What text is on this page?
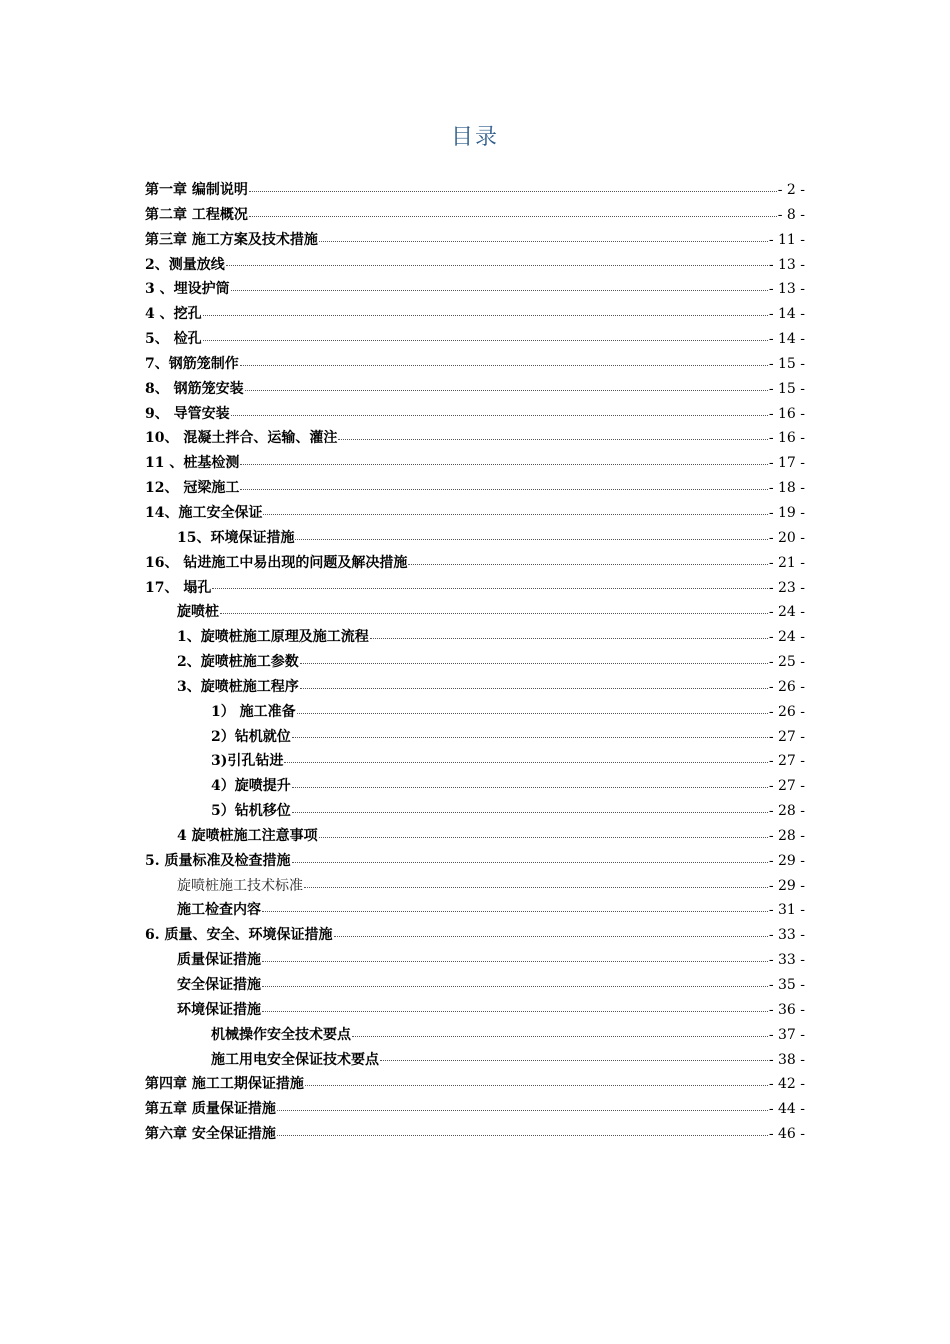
目录
第一章 编制说明	- 2 -
第二章 工程概况	- 8 -
第三章 施工方案及技术措施	- 11 -
2、测量放线	- 13 -
3 、埋设护筒	- 13 -
4 、挖孔	- 14 -
5、 检孔	- 14 -
7、钢筋笼制作	- 15 -
8、 钢筋笼安装	- 15 -
9、 导管安装	- 16 -
10、 混凝土拌合、运输、灌注	- 16 -
11 、桩基检测	- 17 -
12、 冠梁施工	- 18 -
14、施工安全保证	- 19 -
15、环境保证措施	- 20 -
16、 钻进施工中易出现的问题及解决措施	- 21 -
17、 塌孔	- 23 -
旋喷桩	- 24 -
1、旋喷桩施工原理及施工流程	- 24 -
2、旋喷桩施工参数	- 25 -
3、旋喷桩施工程序	- 26 -
1） 施工准备	- 26 -
2）钻机就位	- 27 -
3)引孔钻进	- 27 -
4）旋喷提升	- 27 -
5）钻机移位	- 28 -
4 旋喷桩施工注意事项	- 28 -
5. 质量标准及检查措施	- 29 -
旋喷桩施工技术标准	- 29 -
施工检查内容	- 31 -
6. 质量、安全、环境保证措施	- 33 -
质量保证措施	- 33 -
安全保证措施	- 35 -
环境保证措施	- 36 -
机械操作安全技术要点	- 37 -
施工用电安全保证技术要点	- 38 -
第四章 施工工期保证措施	- 42 -
第五章 质量保证措施	- 44 -
第六章 安全保证措施	- 46 -
